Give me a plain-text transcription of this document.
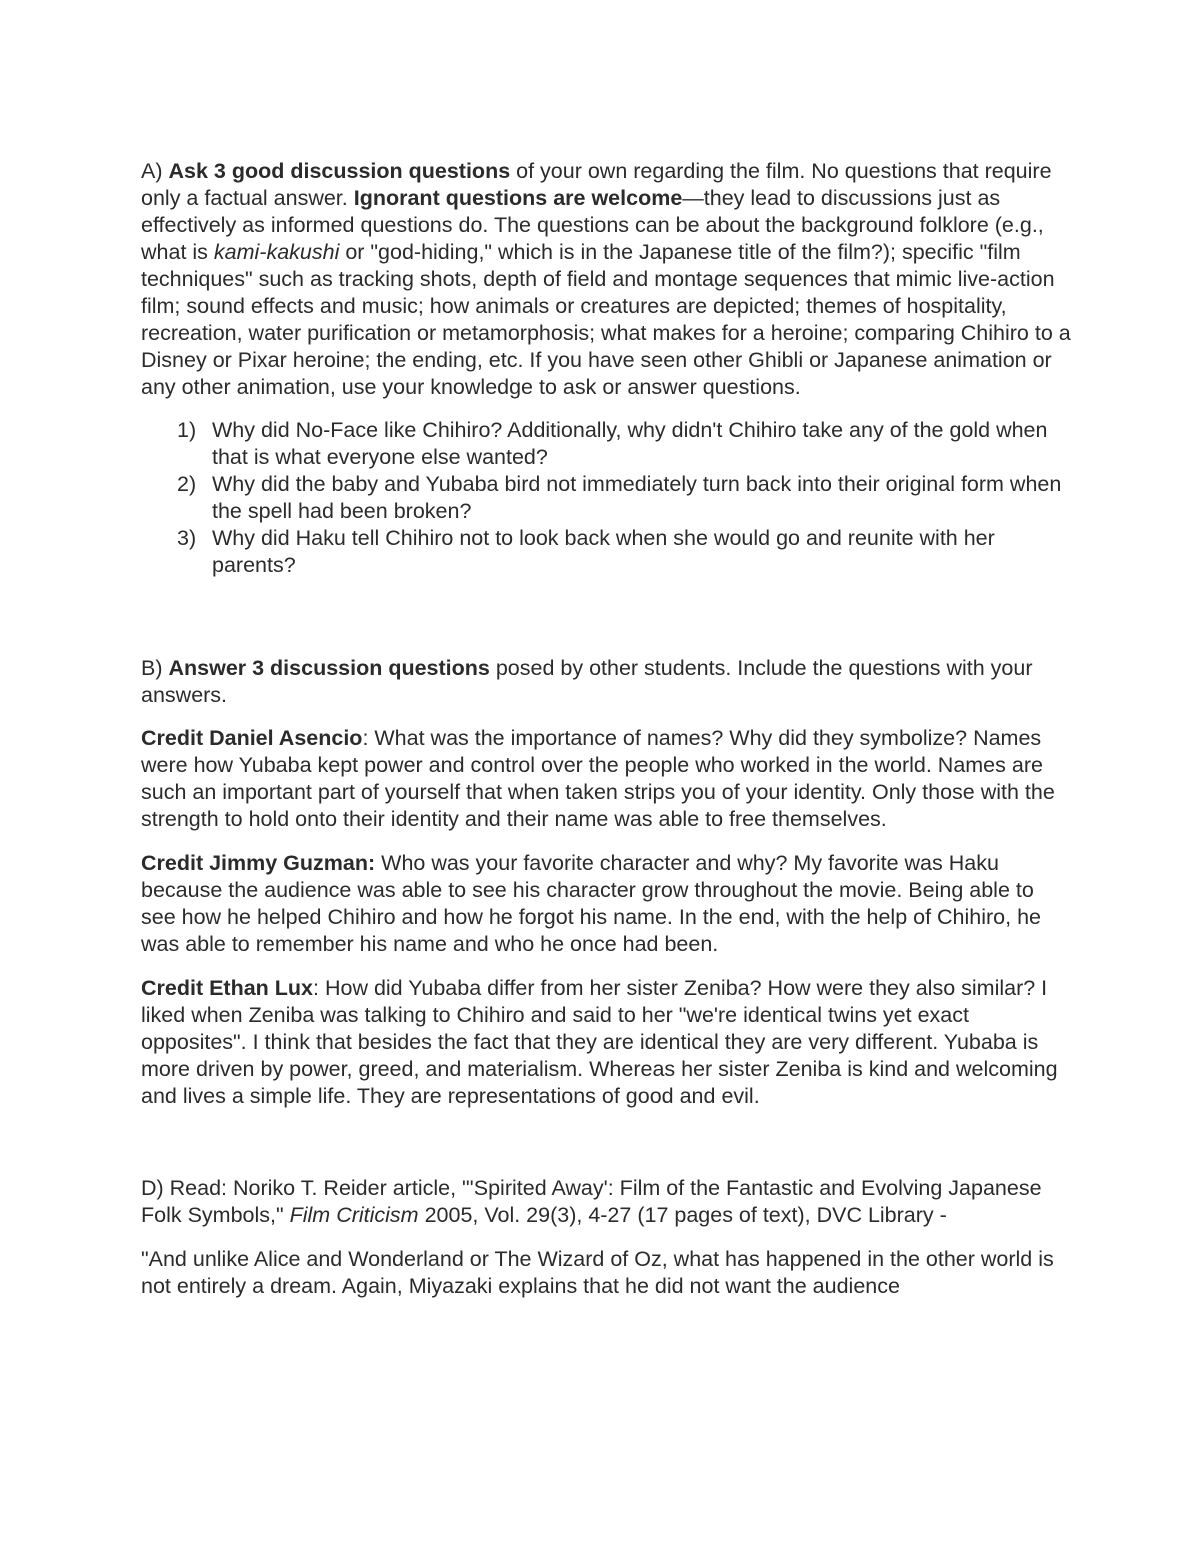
A) Ask 3 good discussion questions of your own regarding the film. No questions that require only a factual answer. Ignorant questions are welcome—they lead to discussions just as effectively as informed questions do. The questions can be about the background folklore (e.g., what is kami-kakushi or "god-hiding," which is in the Japanese title of the film?); specific "film techniques" such as tracking shots, depth of field and montage sequences that mimic live-action film; sound effects and music; how animals or creatures are depicted; themes of hospitality, recreation, water purification or metamorphosis; what makes for a heroine; comparing Chihiro to a Disney or Pixar heroine; the ending, etc. If you have seen other Ghibli or Japanese animation or any other animation, use your knowledge to ask or answer questions.

1) Why did No-Face like Chihiro? Additionally, why didn't Chihiro take any of the gold when that is what everyone else wanted?
2) Why did the baby and Yubaba bird not immediately turn back into their original form when the spell had been broken?
3) Why did Haku tell Chihiro not to look back when she would go and reunite with her parents?

B) Answer 3 discussion questions posed by other students. Include the questions with your answers.

Credit Daniel Asencio: What was the importance of names? Why did they symbolize? Names were how Yubaba kept power and control over the people who worked in the world. Names are such an important part of yourself that when taken strips you of your identity. Only those with the strength to hold onto their identity and their name was able to free themselves.

Credit Jimmy Guzman: Who was your favorite character and why? My favorite was Haku because the audience was able to see his character grow throughout the movie. Being able to see how he helped Chihiro and how he forgot his name. In the end, with the help of Chihiro, he was able to remember his name and who he once had been.

Credit Ethan Lux: How did Yubaba differ from her sister Zeniba? How were they also similar? I liked when Zeniba was talking to Chihiro and said to her "we're identical twins yet exact opposites". I think that besides the fact that they are identical they are very different. Yubaba is more driven by power, greed, and materialism. Whereas her sister Zeniba is kind and welcoming and lives a simple life. They are representations of good and evil.

D) Read: Noriko T. Reider article, "'Spirited Away': Film of the Fantastic and Evolving Japanese Folk Symbols," Film Criticism 2005, Vol. 29(3), 4-27 (17 pages of text), DVC Library -

"And unlike Alice and Wonderland or The Wizard of Oz, what has happened in the other world is not entirely a dream. Again, Miyazaki explains that he did not want the audience
